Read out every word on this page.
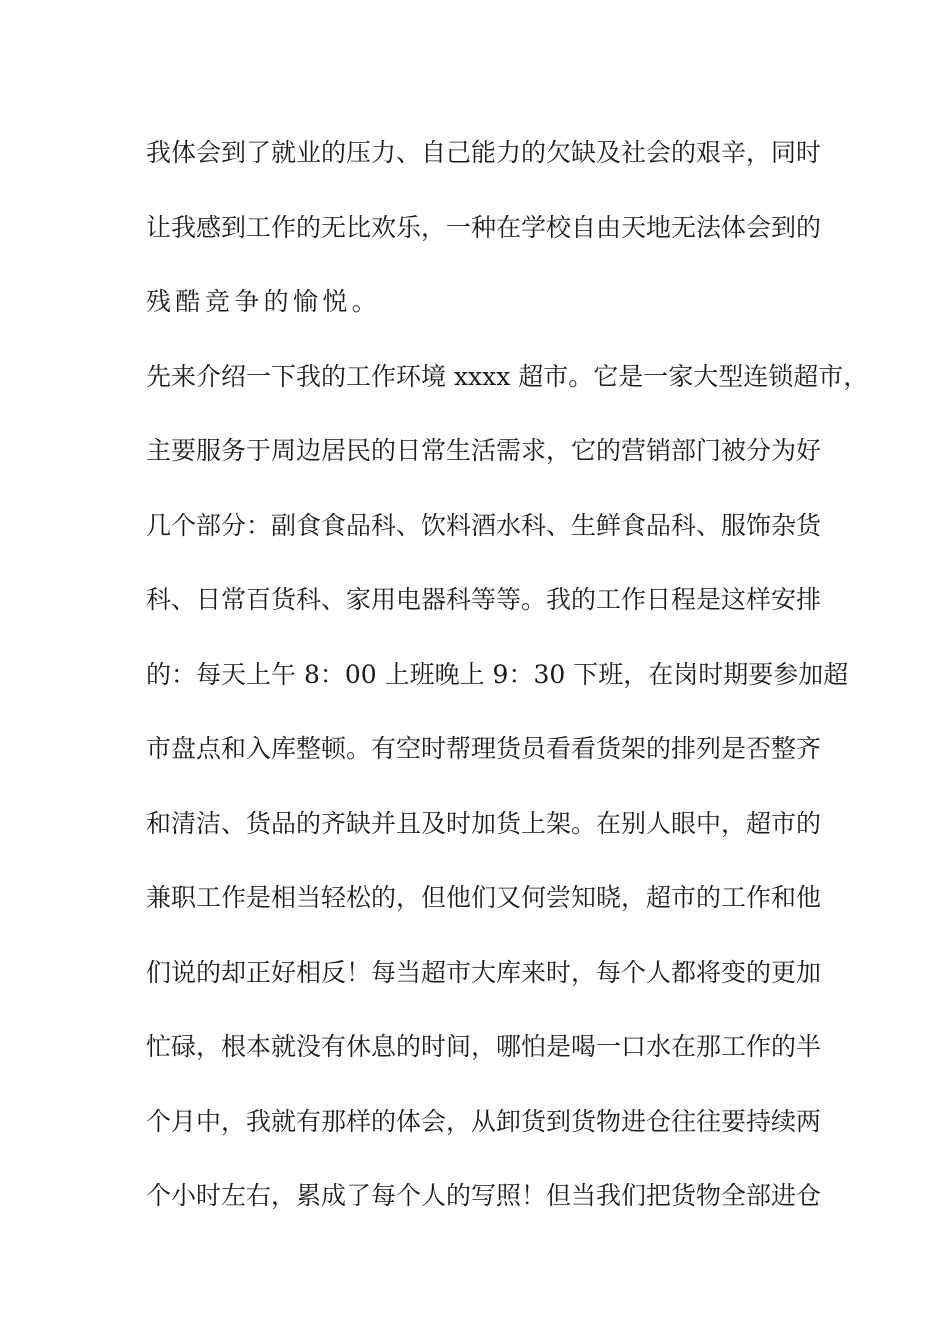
我体会到了就业的压力、自己能力的欠缺及社会的艰辛，同时
让我感到工作的无比欢乐，一种在学校自由天地无法体会到的
残酷竞争的愉悦。
先来介绍一下我的工作环境 xxxx 超市。它是一家大型连锁超市，
主要服务于周边居民的日常生活需求，它的营销部门被分为好
几个部分：副食食品科、饮料酒水科、生鲜食品科、服饰杂货
科、日常百货科、家用电器科等等。我的工作日程是这样安排
的：每天上午 8：00 上班晚上 9：30 下班，在岗时期要参加超
市盘点和入库整顿。有空时帮理货员看看货架的排列是否整齐
和清洁、货品的齐缺并且及时加货上架。在别人眼中，超市的
兼职工作是相当轻松的，但他们又何尝知晓，超市的工作和他
们说的却正好相反！每当超市大库来时，每个人都将变的更加
忙碌，根本就没有休息的时间，哪怕是喝一口水在那工作的半
个月中，我就有那样的体会，从卸货到货物进仓往往要持续两
个小时左右，累成了每个人的写照！但当我们把货物全部进仓
